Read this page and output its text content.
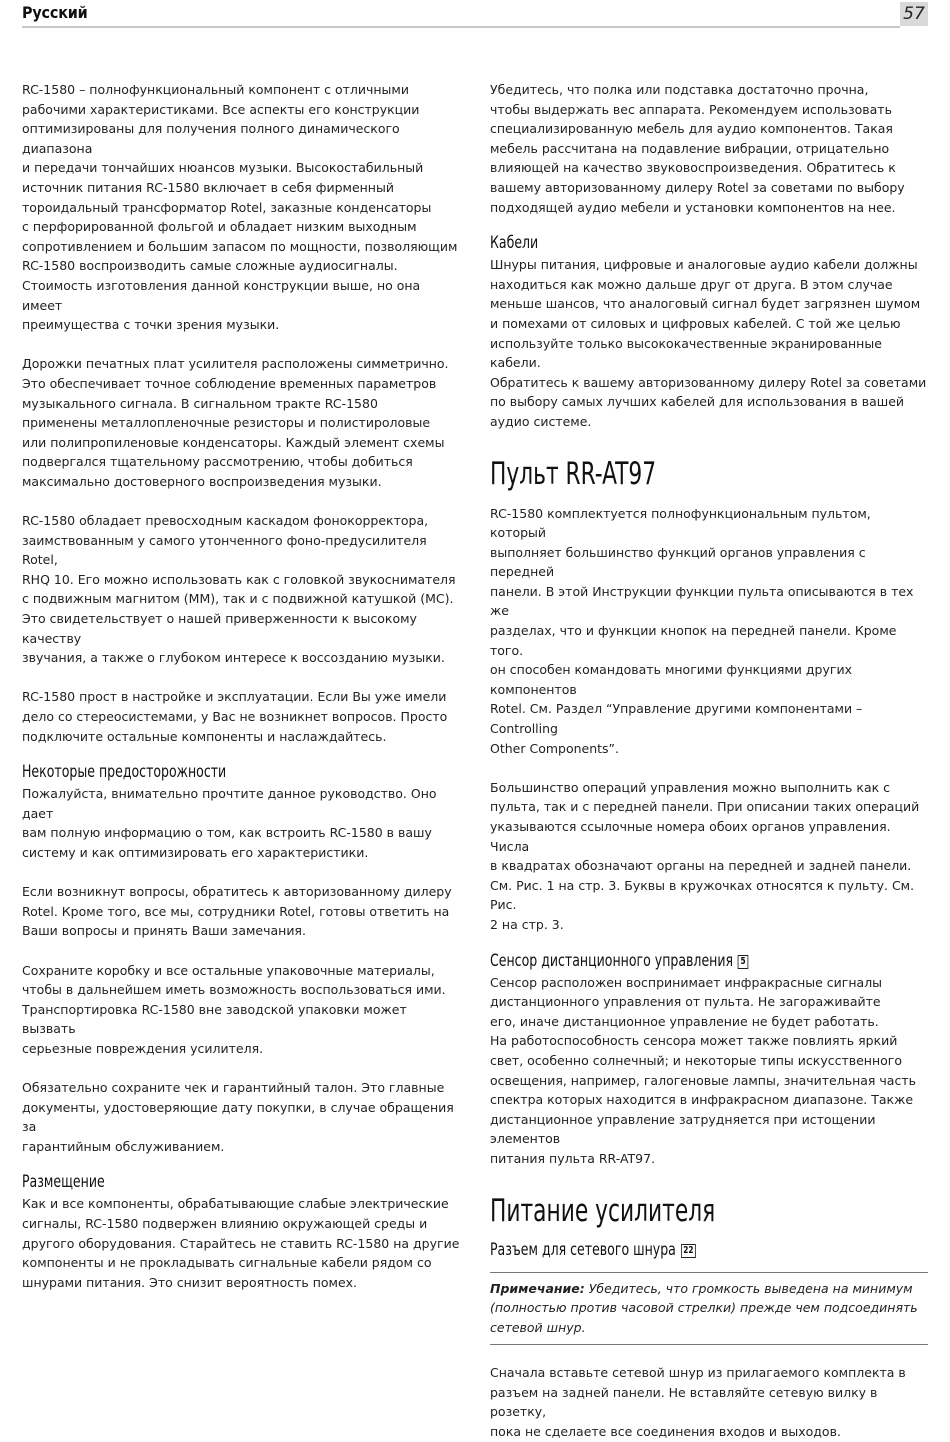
Русский	57

RC-1580 – полнофункциональный компонент с отличными
рабочими характеристиками. Все аспекты его конструкции
оптимизированы для получения полного динамического диапазона
и передачи тончайших нюансов музыки. Высокостабильный
источник питания RC-1580 включает в себя фирменный
тороидальный трансформатор Rotel, заказные конденсаторы
с перфорированной фольгой и обладает низким выходным
сопротивлением и большим запасом по мощности, позволяющим
RC-1580 воспроизводить самые сложные аудиосигналы.
Стоимость изготовления данной конструкции выше, но она имеет
преимущества с точки зрения музыки.

Дорожки печатных плат усилителя расположены симметрично.
Это обеспечивает точное соблюдение временных параметров
музыкального сигнала. В сигнальном тракте RC-1580
применены металлопленочные резисторы и полистироловые
или полипропиленовые конденсаторы. Каждый элемент схемы
подвергался тщательному рассмотрению, чтобы добиться
максимально достоверного воспроизведения музыки.

RC-1580 обладает превосходным каскадом фонокорректора,
заимствованным у самого утонченного фоно-предусилителя Rotel,
RHQ 10. Его можно использовать как с головкой звукоснимателя
с подвижным магнитом (MM), так и с подвижной катушкой (MC).
Это свидетельствует о нашей приверженности к высокому качеству
звучания, а также о глубоком интересе к воссозданию музыки.

RC-1580 прост в настройке и эксплуатации. Если Вы уже имели
дело со стереосистемами, у Вас не возникнет вопросов. Просто
подключите остальные компоненты и наслаждайтесь.

Некоторые предосторожности

Пожалуйста, внимательно прочтите данное руководство. Оно дает
вам полную информацию о том, как встроить RC-1580 в вашу
систему и как оптимизировать его характеристики.

Если возникнут вопросы, обратитесь к авторизованному дилеру
Rotel. Кроме того, все мы, сотрудники Rotel, готовы ответить на
Ваши вопросы и принять Ваши замечания.

Сохраните коробку и все остальные упаковочные материалы,
чтобы в дальнейшем иметь возможность воспользоваться ими.
Транспортировка RC-1580 вне заводской упаковки может вызвать
серьезные повреждения усилителя.

Обязательно сохраните чек и гарантийный талон. Это главные
документы, удостоверяющие дату покупки, в случае обращения за
гарантийным обслуживанием.

Размещение

Как и все компоненты, обрабатывающие слабые электрические
сигналы, RC-1580 подвержен влиянию окружающей среды и
другого оборудования. Старайтесь не ставить RC-1580 на другие
компоненты и не прокладывать сигнальные кабели рядом со
шнурами питания. Это снизит вероятность помех.

Убедитесь, что полка или подставка достаточно прочна,
чтобы выдержать вес аппарата. Рекомендуем использовать
специализированную мебель для аудио компонентов. Такая
мебель рассчитана на подавление вибрации, отрицательно
влияющей на качество звуковоспроизведения. Обратитесь к
вашему авторизованному дилеру Rotel за советами по выбору
подходящей аудио мебели и установки компонентов на нее.

Кабели

Шнуры питания, цифровые и аналоговые аудио кабели должны
находиться как можно дальше друг от друга. В этом случае
меньше шансов, что аналоговый сигнал будет загрязнен шумом
и помехами от силовых и цифровых кабелей. С той же целью
используйте только высококачественные экранированные кабели.
Обратитесь к вашему авторизованному дилеру Rotel за советами
по выбору самых лучших кабелей для использования в вашей
аудио системе.

Пульт RR-AT97

RC-1580 комплектуется полнофункциональным пультом, который
выполняет большинство функций органов управления с передней
панели. В этой Инструкции функции пульта описываются в тех же
разделах, что и функции кнопок на передней панели. Кроме того.
он способен командовать многими функциями других компонентов
Rotel. См. Раздел “Управление другими компонентами – Controlling
Other Components”.

Большинство операций управления можно выполнить как с
пульта, так и с передней панели. При описании таких операций
указываются ссылочные номера обоих органов управления. Числа
в квадратах обозначают органы на передней и задней панели.
См. Рис. 1 на стр. 3. Буквы в кружочках относятся к пульту. См. Рис.
2 на стр. 3.

Сенсор дистанционного управления 5

Сенсор расположен воспринимает инфракрасные сигналы
дистанционного управления от пульта. Не загораживайте
его, иначе дистанционное управление не будет работать.
На работоспособность сенсора может также повлиять яркий
свет, особенно солнечный; и некоторые типы искусственного
освещения, например, галогеновые лампы, значительная часть
спектра которых находится в инфракрасном диапазоне. Также
дистанционное управление затрудняется при истощении элементов
питания пульта RR-AT97.

Питание усилителя
Разъем для сетевого шнура 22

Примечание: Убедитесь, что громкость выведена на минимум
(полностью против часовой стрелки) прежде чем подсоединять
сетевой шнур.

Сначала вставьте сетевой шнур из прилагаемого комплекта в
разъем на задней панели. Не вставляйте сетевую вилку в розетку,
пока не сделаете все соединения входов и выходов.
